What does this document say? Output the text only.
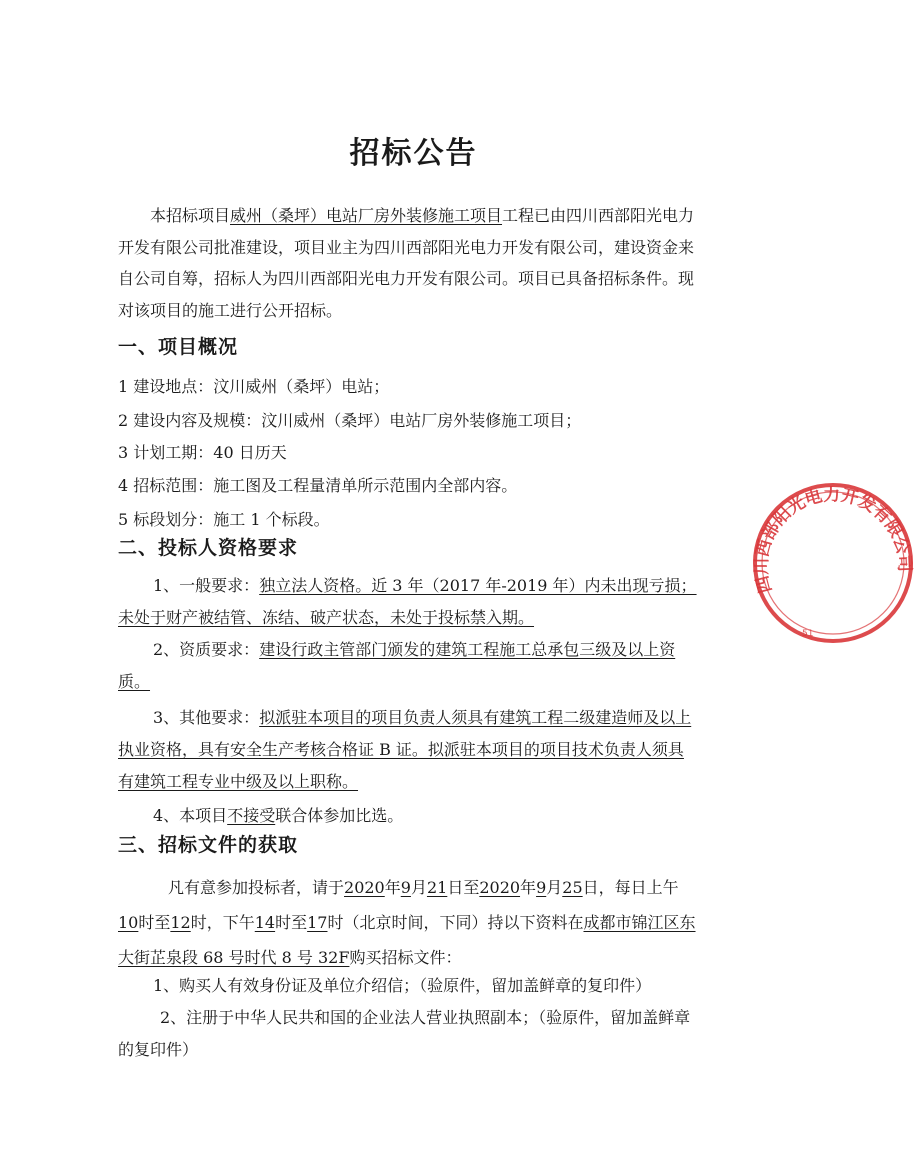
招标公告

本招标项目威州（桑坪）电站厂房外装修施工项目工程已由四川西部阳光电力开发有限公司批准建设，项目业主为四川西部阳光电力开发有限公司，建设资金来自公司自筹，招标人为四川西部阳光电力开发有限公司。项目已具备招标条件。现对该项目的施工进行公开招标。

一、项目概况
1 建设地点：汶川威州（桑坪）电站；
2 建设内容及规模：汶川威州（桑坪）电站厂房外装修施工项目；
3 计划工期：40 日历天
4 招标范围：施工图及工程量清单所示范围内全部内容。
5 标段划分：施工 1 个标段。
二、投标人资格要求

1、一般要求：独立法人资格。近 3 年（2017 年-2019 年）内未出现亏损；未处于财产被结管、冻结、破产状态，未处于投标禁入期。

2、资质要求：建设行政主管部门颁发的建筑工程施工总承包三级及以上资质。

3、其他要求：拟派驻本项目的项目负责人须具有建筑工程二级建造师及以上执业资格，具有安全生产考核合格证 B 证。拟派驻本项目的项目技术负责人须具有建筑工程专业中级及以上职称。

4、本项目不接受联合体参加比选。
三、招标文件的获取

凡有意参加投标者，请于2020年9月21日至2020年9月25日，每日上午10时至12时，下午14时至17时（北京时间，下同）持以下资料在成都市锦江区东大街芷泉段 68 号时代 8 号 32F购买招标文件：

1、购买人有效身份证及单位介绍信；（验原件，留加盖鲜章的复印件）

2、注册于中华人民共和国的企业法人营业执照副本；（验原件，留加盖鲜章的复印件）

四川西部阳光电力开发有限公司
51
